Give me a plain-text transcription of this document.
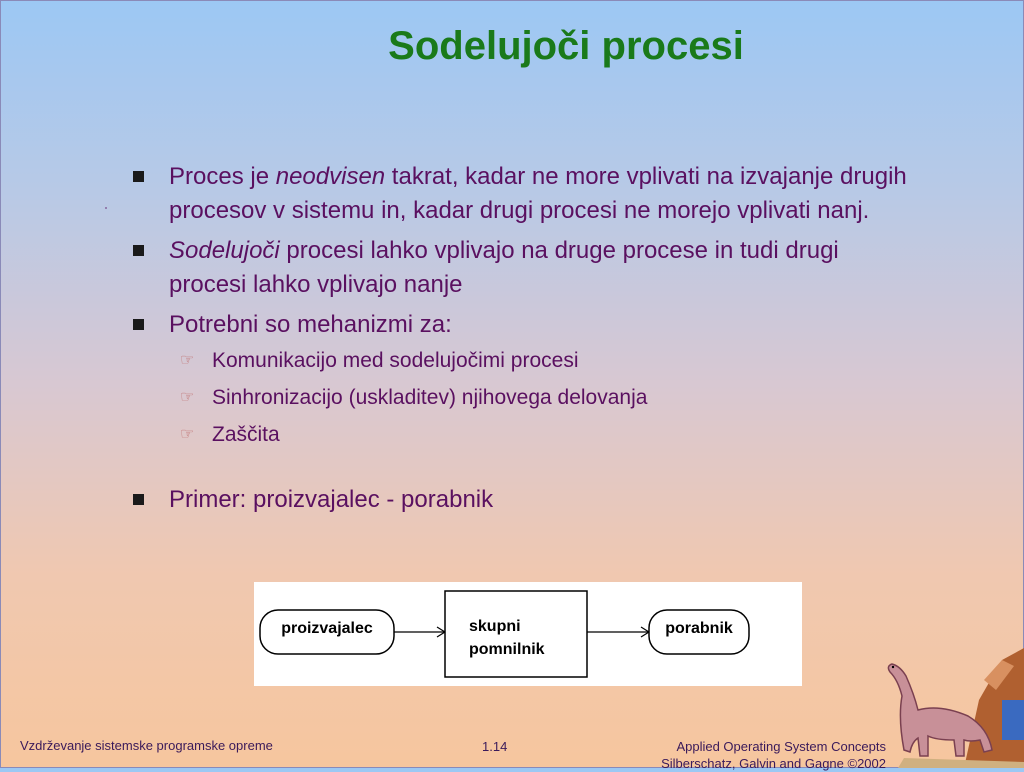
Sodelujoči procesi
Proces je neodvisen takrat, kadar ne more vplivati na izvajanje drugih procesov v sistemu in, kadar drugi procesi ne morejo vplivati nanj.
Sodelujoči procesi lahko vplivajo na druge procese in tudi drugi procesi lahko vplivajo nanje
Potrebni so mehanizmi za:
☞ Komunikacijo med sodelujočimi procesi
☞ Sinhronizacijo (uskladitev) njihovega delovanja
☞ Zaščita
Primer: proizvajalec - porabnik
proizvajalec	skupni
pomnilnik
porabnik
Vzdrževanje sistemske programske opreme	1.14	Applied Operating System Concepts
Silberschatz, Galvin and Gagne ©2002
